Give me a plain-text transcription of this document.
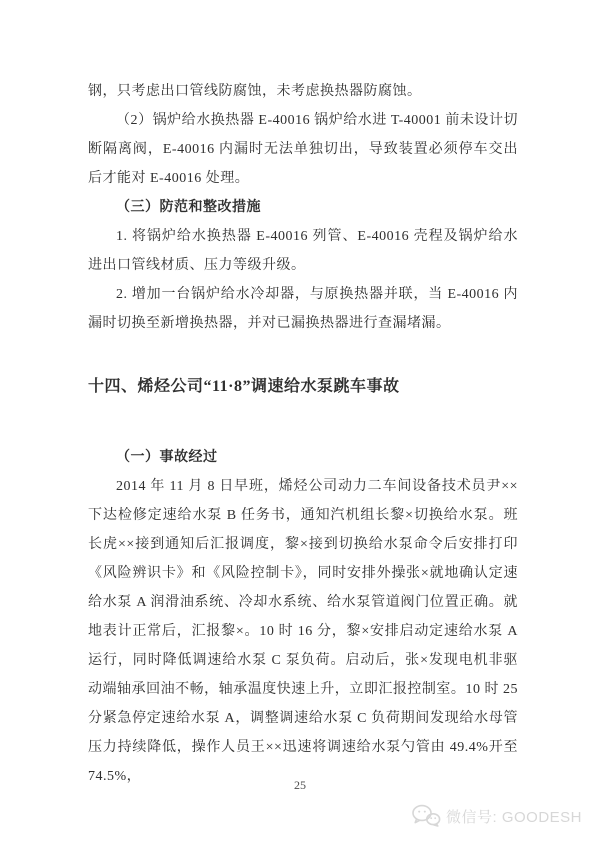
钢，只考虑出口管线防腐蚀，未考虑换热器防腐蚀。
（2）锅炉给水换热器 E-40016 锅炉给水进 T-40001 前未设计切断隔离阀，E-40016 内漏时无法单独切出，导致装置必须停车交出后才能对 E-40016 处理。
（三）防范和整改措施
1. 将锅炉给水换热器 E-40016 列管、E-40016 壳程及锅炉给水进出口管线材质、压力等级升级。
2. 增加一台锅炉给水冷却器，与原换热器并联，当 E-40016 内漏时切换至新增换热器，并对已漏换热器进行查漏堵漏。
十四、烯烃公司“11·8”调速给水泵跳车事故
（一）事故经过
2014 年 11 月 8 日早班，烯烃公司动力二车间设备技术员尹××下达检修定速给水泵 B 任务书，通知汽机组长黎×切换给水泵。班长虎××接到通知后汇报调度，黎×接到切换给水泵命令后安排打印《风险辨识卡》和《风险控制卡》，同时安排外操张×就地确认定速给水泵 A 润滑油系统、冷却水系统、给水泵管道阀门位置正确。就地表计正常后，汇报黎×。10 时 16 分，黎×安排启动定速给水泵 A 运行，同时降低调速给水泵 C 泵负荷。启动后，张×发现电机非驱动端轴承回油不畅，轴承温度快速上升，立即汇报控制室。10 时 25 分紧急停定速给水泵 A，调整调速给水泵 C 负荷期间发现给水母管压力持续降低，操作人员王××迅速将调速给水泵勺管由 49.4%开至 74.5%，
25
微信号: GOODESH
